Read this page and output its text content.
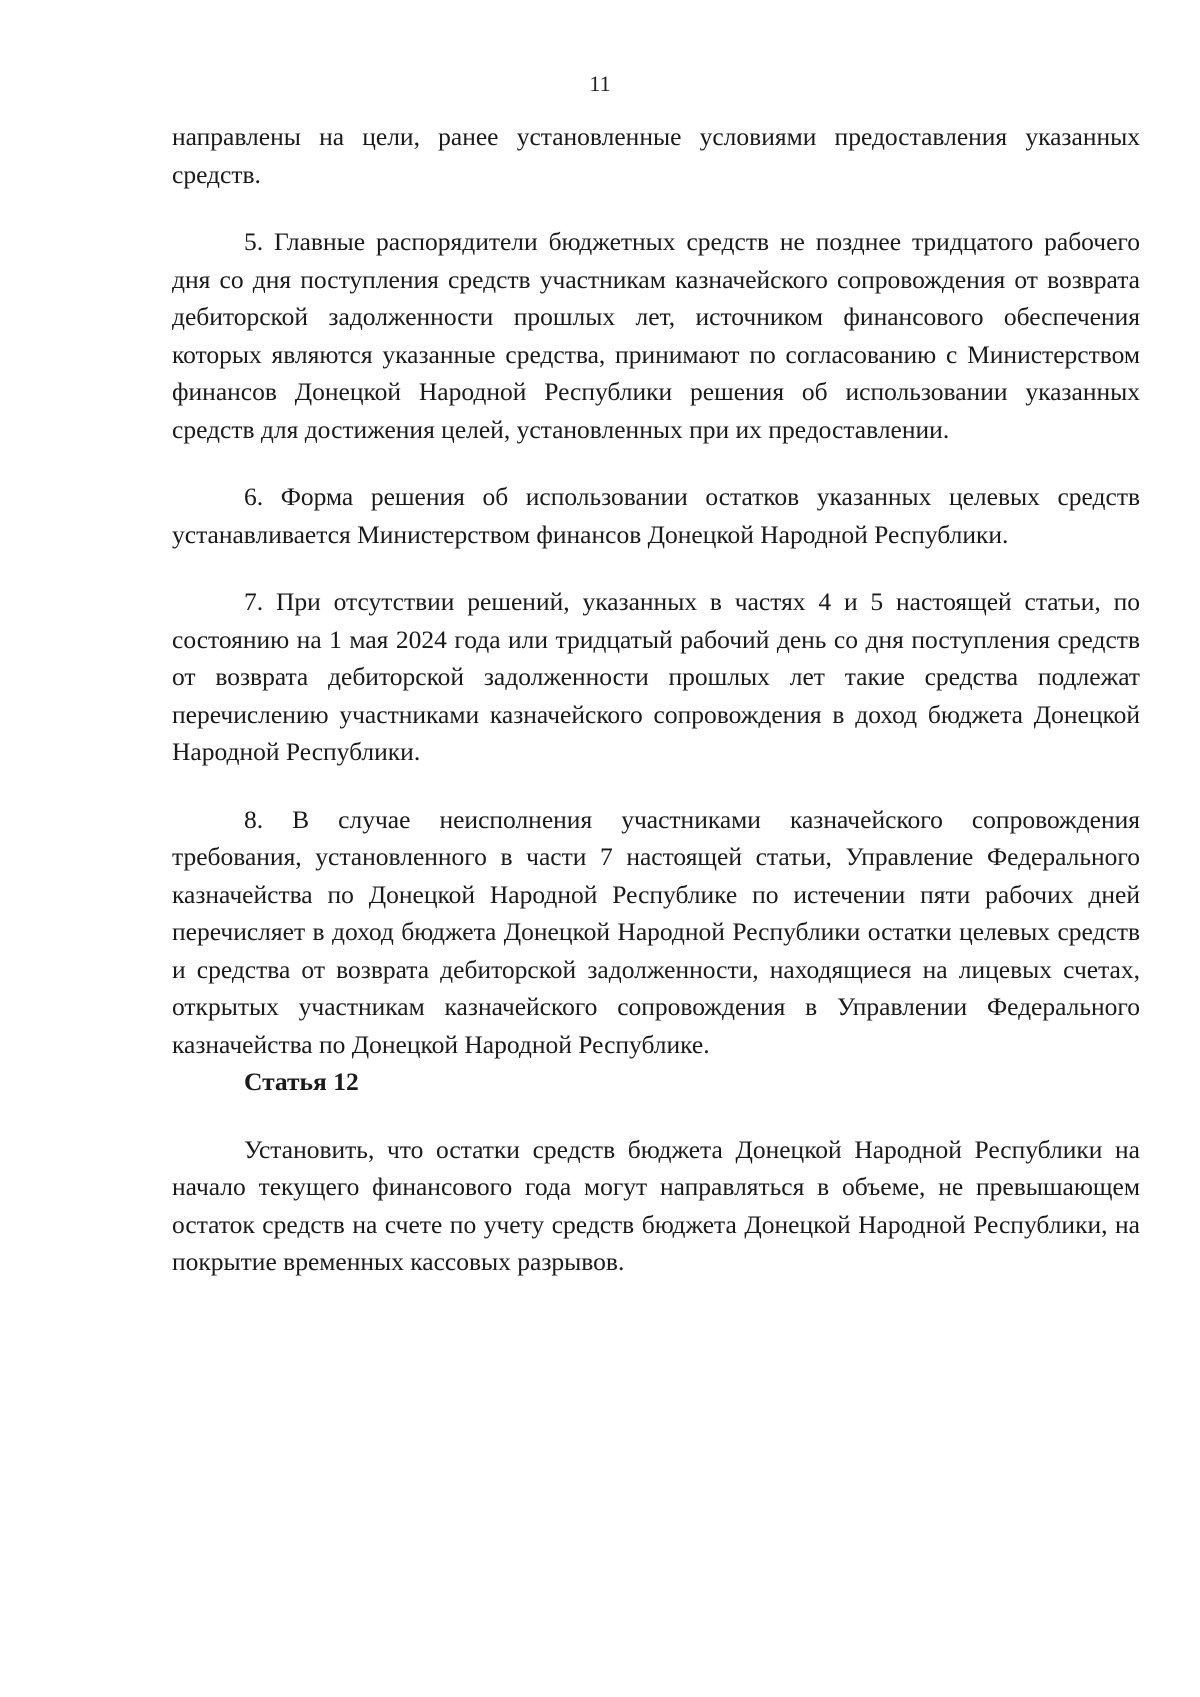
11

направлены на цели, ранее установленные условиями предоставления указанных средств.

5. Главные распорядители бюджетных средств не позднее тридцатого рабочего дня со дня поступления средств участникам казначейского сопровождения от возврата дебиторской задолженности прошлых лет, источником финансового обеспечения которых являются указанные средства, принимают по согласованию с Министерством финансов Донецкой Народной Республики решения об использовании указанных средств для достижения целей, установленных при их предоставлении.

6. Форма решения об использовании остатков указанных целевых средств устанавливается Министерством финансов Донецкой Народной Республики.

7. При отсутствии решений, указанных в частях 4 и 5 настоящей статьи, по состоянию на 1 мая 2024 года или тридцатый рабочий день со дня поступления средств от возврата дебиторской задолженности прошлых лет такие средства подлежат перечислению участниками казначейского сопровождения в доход бюджета Донецкой Народной Республики.

8. В случае неисполнения участниками казначейского сопровождения требования, установленного в части 7 настоящей статьи, Управление Федерального казначейства по Донецкой Народной Республике по истечении пяти рабочих дней перечисляет в доход бюджета Донецкой Народной Республики остатки целевых средств и средства от возврата дебиторской задолженности, находящиеся на лицевых счетах, открытых участникам казначейского сопровождения в Управлении Федерального казначейства по Донецкой Народной Республике.

Статья 12

Установить, что остатки средств бюджета Донецкой Народной Республики на начало текущего финансового года могут направляться в объеме, не превышающем остаток средств на счете по учету средств бюджета Донецкой Народной Республики, на покрытие временных кассовых разрывов.
